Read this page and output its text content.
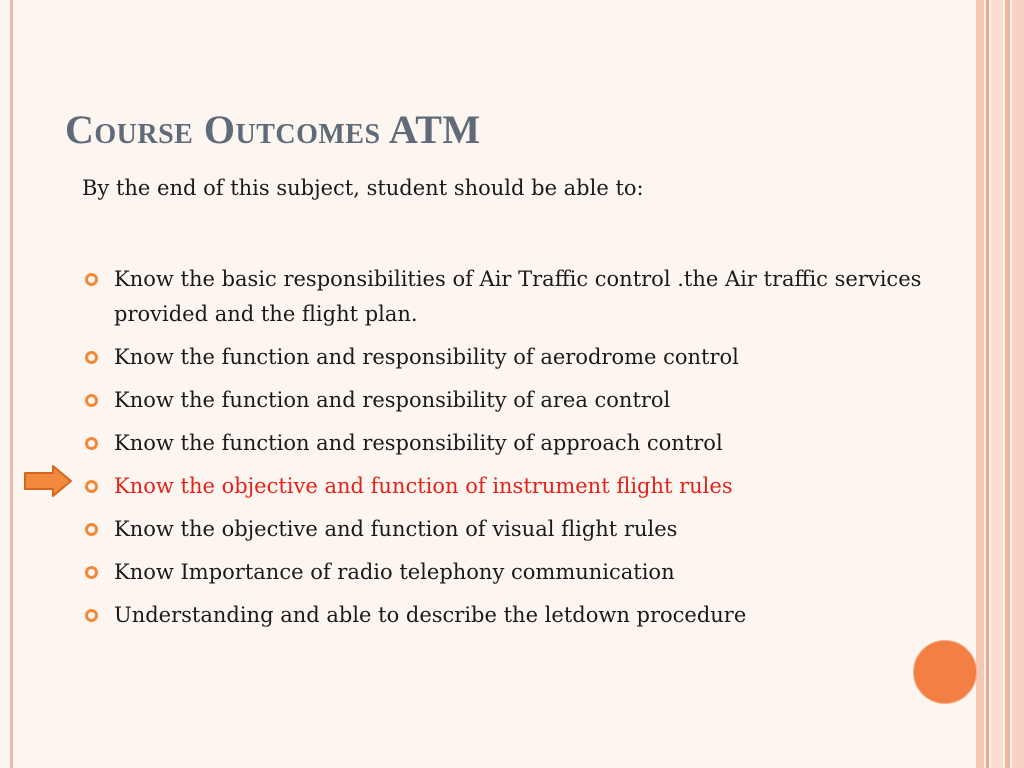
Course Outcomes ATM
By the end of this subject, student should be able to:
Know the basic responsibilities of Air Traffic control .the Air traffic services provided and the flight plan.
Know the function and responsibility of aerodrome control
Know the function and responsibility of area control
Know the function and responsibility of approach control
Know the objective and function of instrument flight rules
Know the objective and function of visual flight rules
Know Importance of radio telephony communication
Understanding and able to describe the letdown procedure
